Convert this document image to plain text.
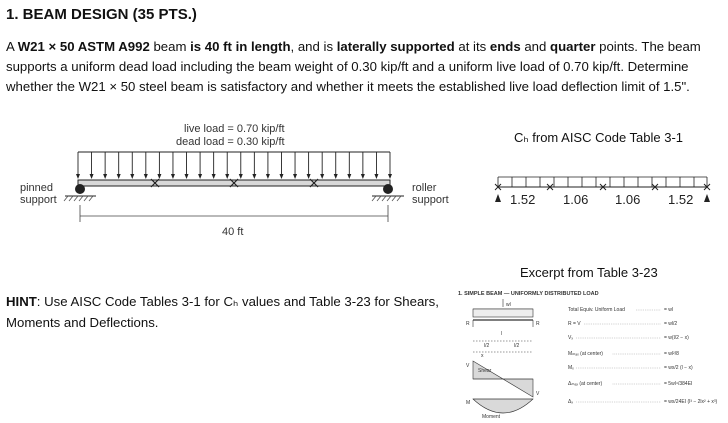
1. BEAM DESIGN (35 PTS.)
A W21 × 50 ASTM A992 beam is 40 ft in length, and is laterally supported at its ends and quarter points. The beam supports a uniform dead load including the beam weight of 0.30 kip/ft and a uniform live load of 0.70 kip/ft. Determine whether the W21 × 50 steel beam is satisfactory and whether it meets the established live load deflection limit of 1.5".
live load = 0.70 kip/ft
dead load = 0.30 kip/ft
pinned
support
roller
support
40 ft
Cₕ from AISC Code Table 3-1
1.52 1.06 1.06 1.52
HINT: Use AISC Code Tables 3-1 for Cₕ values and Table 3-23 for Shears, Moments and Deflections.
Excerpt from Table 3-23
1. SIMPLE BEAM — UNIFORMLY DISTRIBUTED LOAD
wl
R	R
l
l/2	l/2
x
V
V
Shear
M
Moment
Total Equiv. Uniform Load	= wl
R = V	= wl/2
Vₓ	= w(l/2 − x)
Mₘₐₓ (at center)	= wl²/8
Mₓ	= wx/2 (l − x)
Δₘₐₓ (at center)	= 5wl⁴/384EI
Δₓ	= wx/24EI (l³ − 2lx² + x³)
